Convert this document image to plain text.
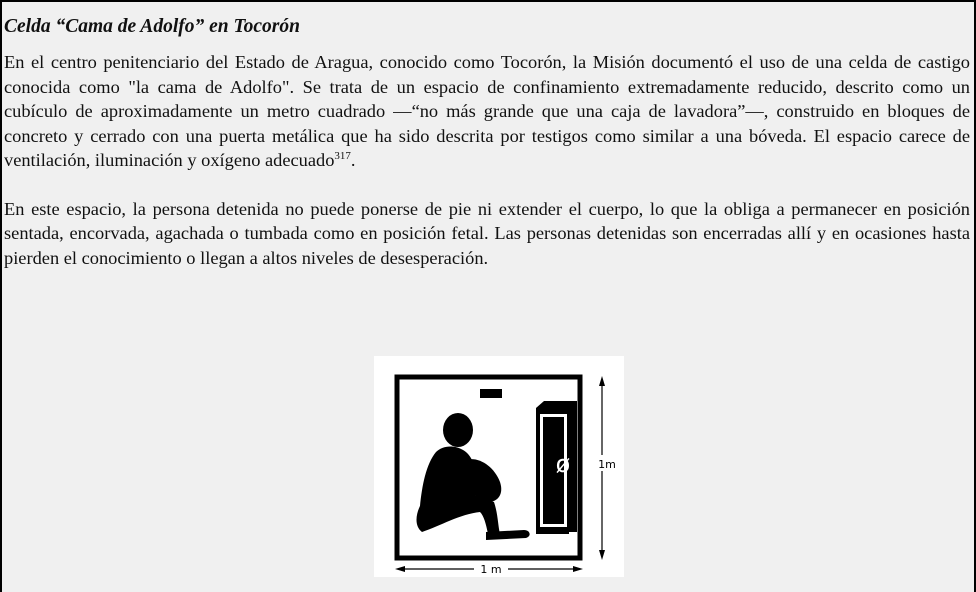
Celda “Cama de Adolfo” en Tocorón

En el centro penitenciario del Estado de Aragua, conocido como Tocorón, la Misión documentó el uso de una celda de castigo conocida como "la cama de Adolfo". Se trata de un espacio de confinamiento extremadamente reducido, descrito como un cubículo de aproximadamente un metro cuadrado —“no más grande que una caja de lavadora”—, construido en bloques de concreto y cerrado con una puerta metálica que ha sido descrita por testigos como similar a una bóveda. El espacio carece de ventilación, iluminación y oxígeno adecuado$^{317}$.

En este espacio, la persona detenida no puede ponerse de pie ni extender el cuerpo, lo que la obliga a permanecer en posición sentada, encorvada, agachada o tumbada como en posición fetal. Las personas detenidas son encerradas allí y en ocasiones hasta pierden el conocimiento o llegan a altos niveles de desesperación.

ø	1m
1 m
